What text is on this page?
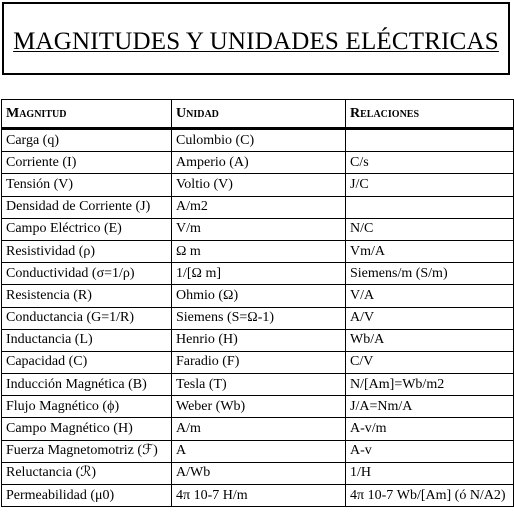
MAGNITUDES Y UNIDADES ELÉCTRICAS
Magnitud	Unidad	Relaciones
Carga (q)	Culombio (C)	
Corriente (I)	Amperio (A)	C/s
Tensión (V)	Voltio (V)	J/C
Densidad de Corriente (J)	A/m2	
Campo Eléctrico (E)	V/m	N/C
Resistividad (ρ)	Ω m	Vm/A
Conductividad (σ=1/ρ)	1/[Ω m]	Siemens/m (S/m)
Resistencia (R)	Ohmio (Ω)	V/A
Conductancia (G=1/R)	Siemens (S=Ω-1)	A/V
Inductancia (L)	Henrio (H)	Wb/A
Capacidad (C)	Faradio (F)	C/V
Inducción Magnética (B)	Tesla (T)	N/[Am]=Wb/m2
Flujo Magnético (ϕ)	Weber (Wb)	J/A=Nm/A
Campo Magnético (H)	A/m	A-v/m
Fuerza Magnetomotriz (ℱ)	A	A-v
Reluctancia (ℛ)	A/Wb	1/H
Permeabilidad (μ0)	4π 10-7 H/m	4π 10-7 Wb/[Am] (ó N/A2)
